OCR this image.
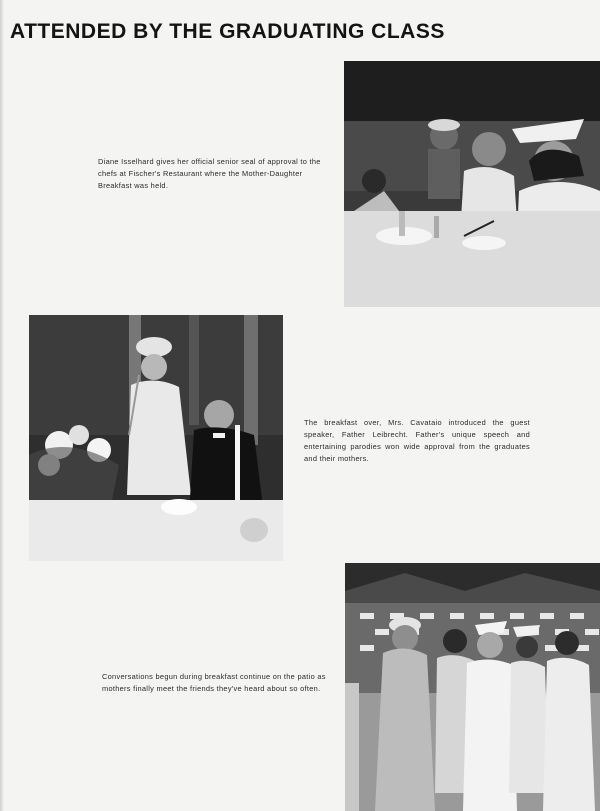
ATTENDED BY THE GRADUATING CLASS
Diane Isselhard gives her official senior seal of approval to the chefs at Fischer's Restaurant where the Mother-Daughter Breakfast was held.
The breakfast over, Mrs. Cavataio introduced the guest speaker, Father Leibrecht. Father's unique speech and entertaining parodies won wide approval from the graduates and their mothers.
Conversations begun during breakfast continue on the patio as mothers finally meet the friends they've heard about so often.
